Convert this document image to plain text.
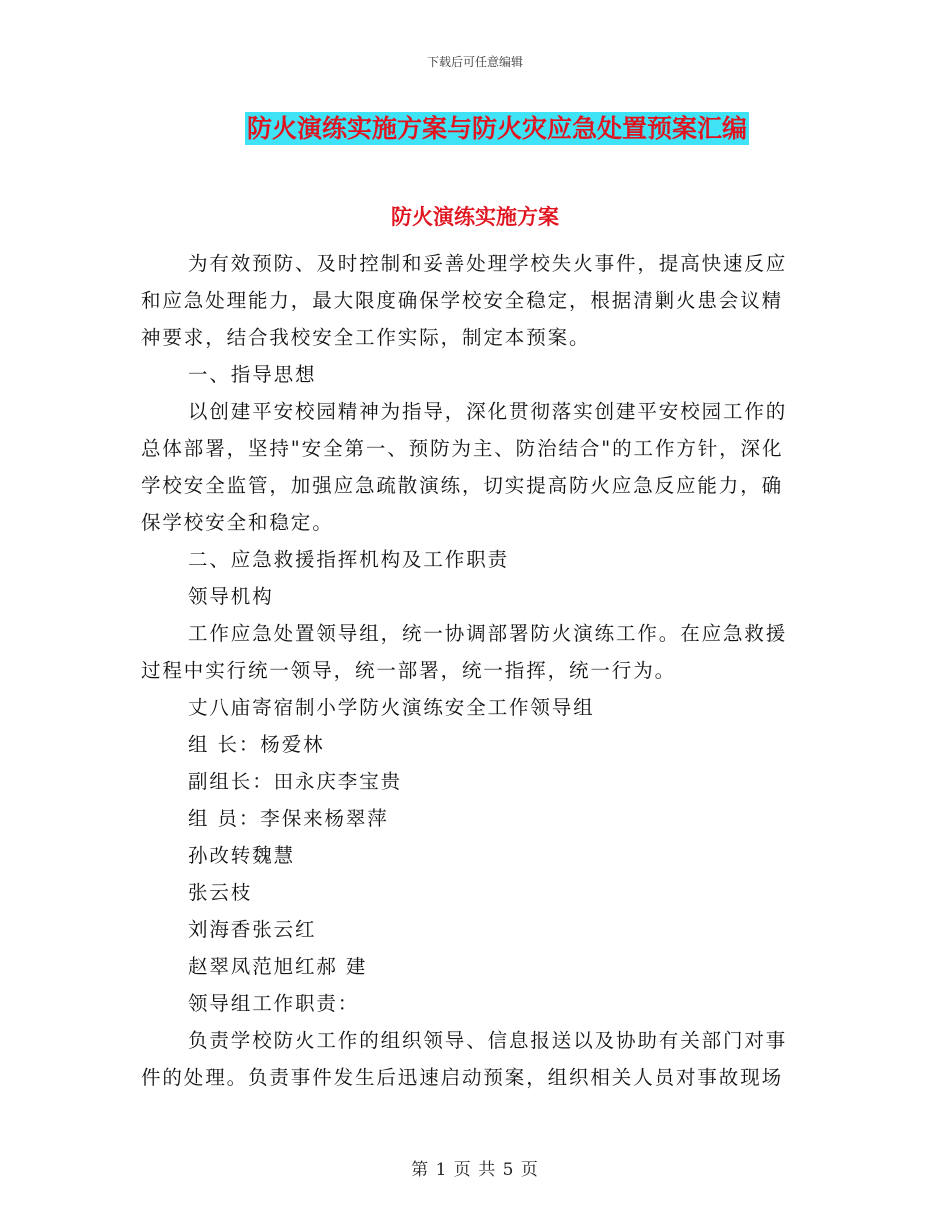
下载后可任意编辑
防火演练实施方案与防火灾应急处置预案汇编
防火演练实施方案

为有效预防、及时控制和妥善处理学校失火事件，提高快速反应
和应急处理能力，最大限度确保学校安全稳定，根据清剿火患会议精
神要求，结合我校安全工作实际，制定本预案。

一、指导思想

以创建平安校园精神为指导，深化贯彻落实创建平安校园工作的
总体部署，坚持"安全第一、预防为主、防治结合"的工作方针，深化
学校安全监管，加强应急疏散演练，切实提高防火应急反应能力，确
保学校安全和稳定。

二、应急救援指挥机构及工作职责

领导机构

工作应急处置领导组，统一协调部署防火演练工作。在应急救援
过程中实行统一领导，统一部署，统一指挥，统一行为。

丈八庙寄宿制小学防火演练安全工作领导组

组 长：杨爱林

副组长：田永庆李宝贵

组 员：李保来杨翠萍

孙改转魏慧

张云枝

刘海香张云红

赵翠凤范旭红郝 建

领导组工作职责：

负责学校防火工作的组织领导、信息报送以及协助有关部门对事
件的处理。负责事件发生后迅速启动预案，组织相关人员对事故现场

第 1 页 共 5 页
